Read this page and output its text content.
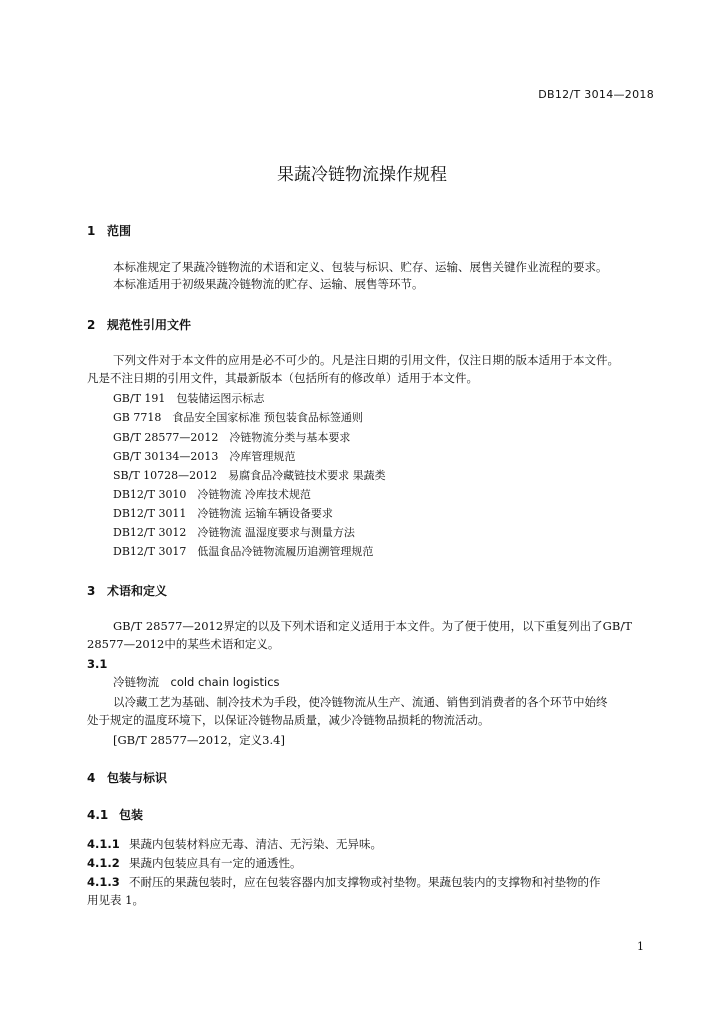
DB12/T 3014—2018
果蔬冷链物流操作规程
1 范围
本标准规定了果蔬冷链物流的术语和定义、包装与标识、贮存、运输、展售关键作业流程的要求。
本标准适用于初级果蔬冷链物流的贮存、运输、展售等环节。
2 规范性引用文件
下列文件对于本文件的应用是必不可少的。凡是注日期的引用文件，仅注日期的版本适用于本文件。
凡是不注日期的引用文件，其最新版本（包括所有的修改单）适用于本文件。
GB/T 191　包装储运图示标志
GB 7718　食品安全国家标准 预包装食品标签通则
GB/T 28577—2012　冷链物流分类与基本要求
GB/T 30134—2013　冷库管理规范
SB/T 10728—2012　易腐食品冷藏链技术要求 果蔬类
DB12/T 3010　冷链物流 冷库技术规范
DB12/T 3011　冷链物流 运输车辆设备要求
DB12/T 3012　冷链物流 温湿度要求与测量方法
DB12/T 3017　低温食品冷链物流履历追溯管理规范
3 术语和定义
GB/T 28577—2012界定的以及下列术语和定义适用于本文件。为了便于使用，以下重复列出了GB/T
28577—2012中的某些术语和定义。
3.1
冷链物流　cold chain logistics
以冷藏工艺为基础、制冷技术为手段，使冷链物流从生产、流通、销售到消费者的各个环节中始终
处于规定的温度环境下，以保证冷链物品质量，减少冷链物品损耗的物流活动。
[GB/T 28577—2012，定义3.4]
4 包装与标识
4.1 包装
4.1.1 果蔬内包装材料应无毒、清洁、无污染、无异味。
4.1.2 果蔬内包装应具有一定的通透性。
4.1.3 不耐压的果蔬包装时，应在包装容器内加支撑物或衬垫物。果蔬包装内的支撑物和衬垫物的作
用见表 1。
1
